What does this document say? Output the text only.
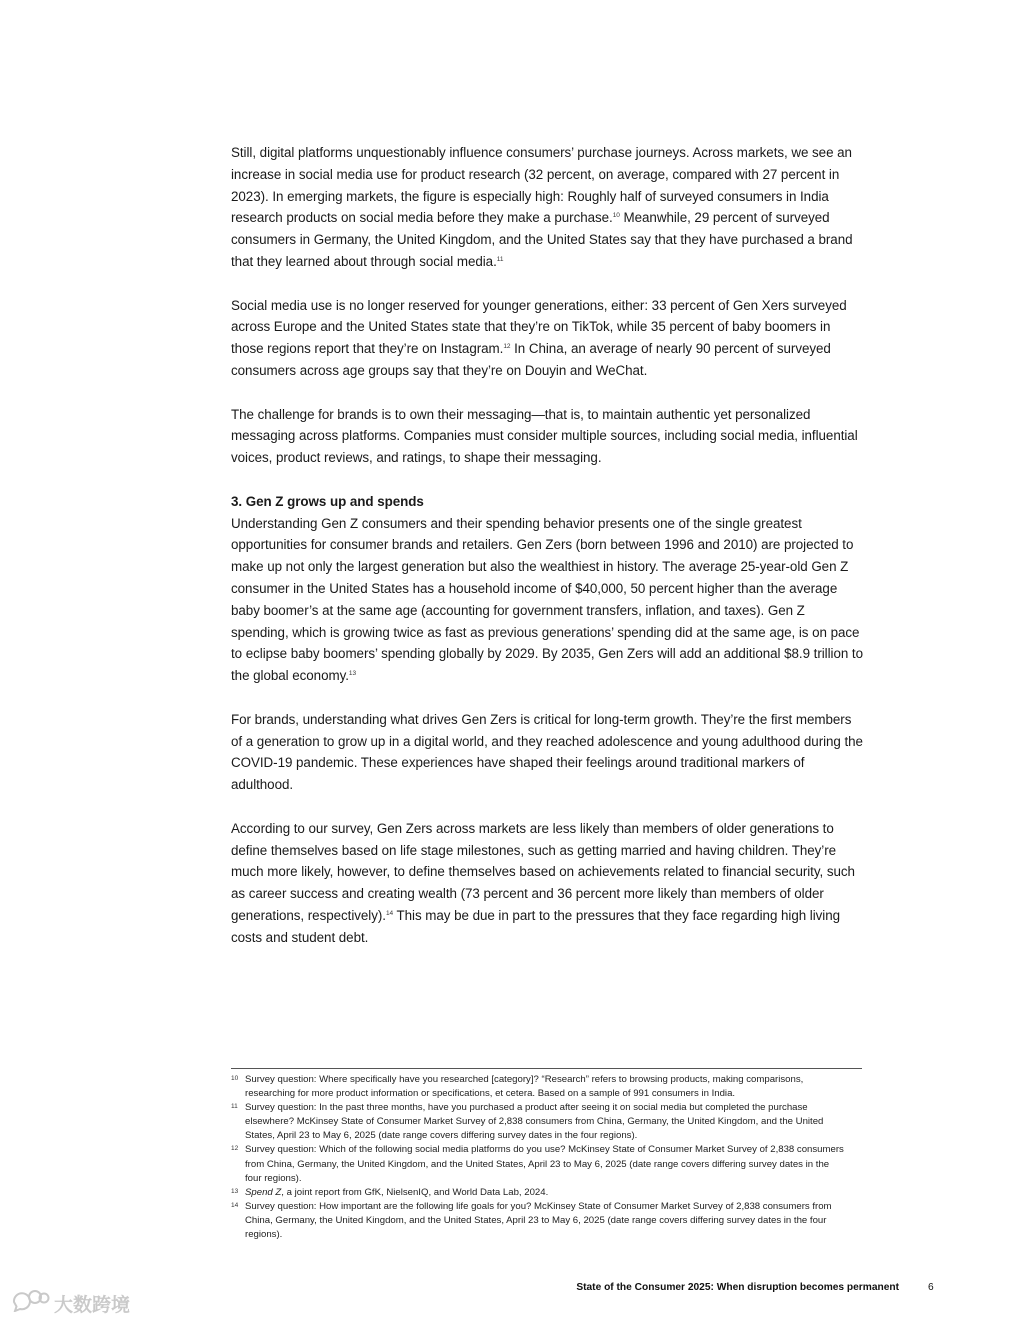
Still, digital platforms unquestionably influence consumers’ purchase journeys. Across markets, we see an increase in social media use for product research (32 percent, on average, compared with 27 percent in 2023). In emerging markets, the figure is especially high: Roughly half of surveyed consumers in India research products on social media before they make a purchase.$^{10}$ Meanwhile, 29 percent of surveyed consumers in Germany, the United Kingdom, and the United States say that they have purchased a brand that they learned about through social media.$^{11}$

Social media use is no longer reserved for younger generations, either: 33 percent of Gen Xers surveyed across Europe and the United States state that they’re on TikTok, while 35 percent of baby boomers in those regions report that they’re on Instagram.$^{12}$ In China, an average of nearly 90 percent of surveyed consumers across age groups say that they’re on Douyin and WeChat.

The challenge for brands is to own their messaging—that is, to maintain authentic yet personalized messaging across platforms. Companies must consider multiple sources, including social media, influential voices, product reviews, and ratings, to shape their messaging.

3. Gen Z grows up and spends

Understanding Gen Z consumers and their spending behavior presents one of the single greatest opportunities for consumer brands and retailers. Gen Zers (born between 1996 and 2010) are projected to make up not only the largest generation but also the wealthiest in history. The average 25-year-old Gen Z consumer in the United States has a household income of $40,000, 50 percent higher than the average baby boomer’s at the same age (accounting for government transfers, inflation, and taxes). Gen Z spending, which is growing twice as fast as previous generations’ spending did at the same age, is on pace to eclipse baby boomers’ spending globally by 2029. By 2035, Gen Zers will add an additional $8.9 trillion to the global economy.$^{13}$

For brands, understanding what drives Gen Zers is critical for long-term growth. They’re the first members of a generation to grow up in a digital world, and they reached adolescence and young adulthood during the COVID-19 pandemic. These experiences have shaped their feelings around traditional markers of adulthood.

According to our survey, Gen Zers across markets are less likely than members of older generations to define themselves based on life stage milestones, such as getting married and having children. They’re much more likely, however, to define themselves based on achievements related to financial security, such as career success and creating wealth (73 percent and 36 percent more likely than members of older generations, respectively).$^{14}$ This may be due in part to the pressures that they face regarding high living costs and student debt.

10 Survey question: Where specifically have you researched [category]? “Research” refers to browsing products, making comparisons, researching for more product information or specifications, et cetera. Based on a sample of 991 consumers in India.
11 Survey question: In the past three months, have you purchased a product after seeing it on social media but completed the purchase elsewhere? McKinsey State of Consumer Market Survey of 2,838 consumers from China, Germany, the United Kingdom, and the United States, April 23 to May 6, 2025 (date range covers differing survey dates in the four regions).
12 Survey question: Which of the following social media platforms do you use? McKinsey State of Consumer Market Survey of 2,838 consumers from China, Germany, the United Kingdom, and the United States, April 23 to May 6, 2025 (date range covers differing survey dates in the four regions).
13 Spend Z, a joint report from GfK, NielsenIQ, and World Data Lab, 2024.
14 Survey question: How important are the following life goals for you? McKinsey State of Consumer Market Survey of 2,838 consumers from China, Germany, the United Kingdom, and the United States, April 23 to May 6, 2025 (date range covers differing survey dates in the four regions).
State of the Consumer 2025: When disruption becomes permanent	6
大数跨境
